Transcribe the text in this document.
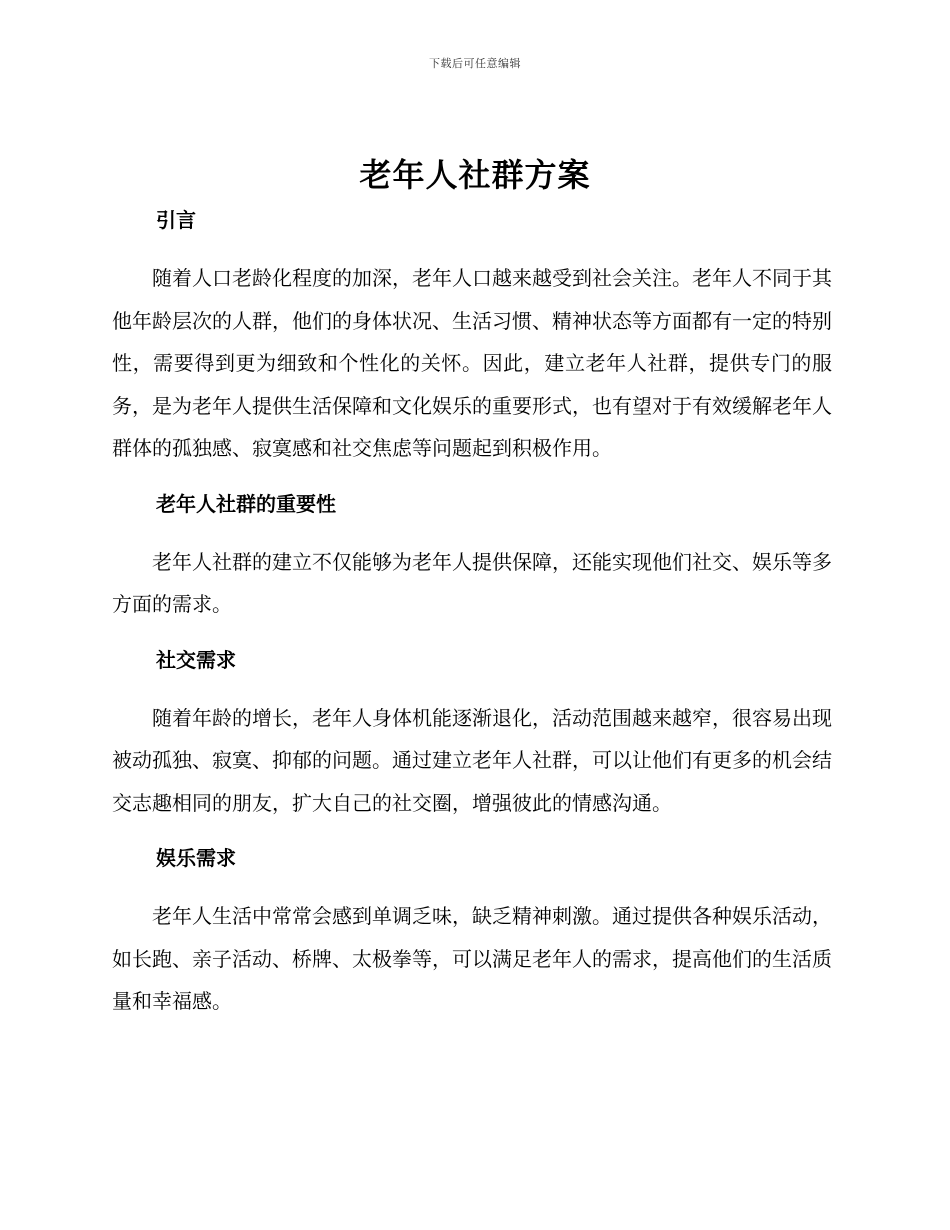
下载后可任意编辑
老年人社群方案
引言

随着人口老龄化程度的加深，老年人口越来越受到社会关注。老年人不同于其他年龄层次的人群，他们的身体状况、生活习惯、精神状态等方面都有一定的特别性，需要得到更为细致和个性化的关怀。因此，建立老年人社群，提供专门的服务，是为老年人提供生活保障和文化娱乐的重要形式，也有望对于有效缓解老年人群体的孤独感、寂寞感和社交焦虑等问题起到积极作用。

老年人社群的重要性

老年人社群的建立不仅能够为老年人提供保障，还能实现他们社交、娱乐等多方面的需求。

社交需求

随着年龄的增长，老年人身体机能逐渐退化，活动范围越来越窄，很容易出现被动孤独、寂寞、抑郁的问题。通过建立老年人社群，可以让他们有更多的机会结交志趣相同的朋友，扩大自己的社交圈，增强彼此的情感沟通。

娱乐需求

老年人生活中常常会感到单调乏味，缺乏精神刺激。通过提供各种娱乐活动，如长跑、亲子活动、桥牌、太极拳等，可以满足老年人的需求，提高他们的生活质量和幸福感。
